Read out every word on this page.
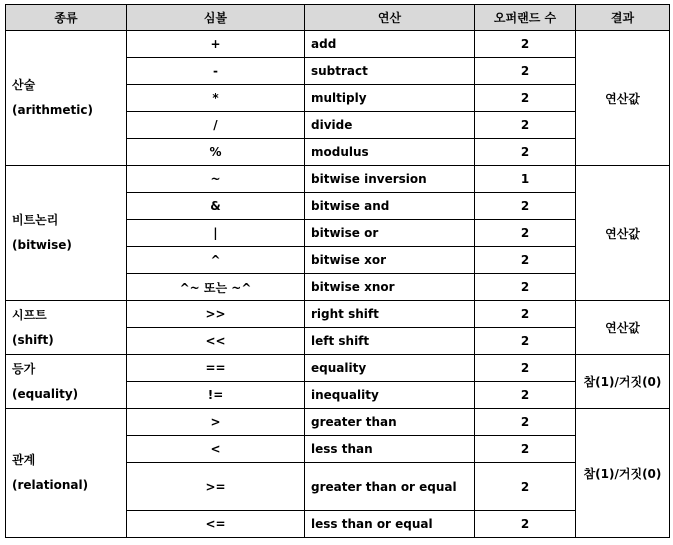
종류	심볼	연산	오퍼랜드 수	결과

산술
(arithmetic)	+	add	2	연산값
	-	subtract	2	
	*	multiply	2	
	/	divide	2	
	%	modulus	2	

비트논리
(bitwise)	~	bitwise inversion	1	연산값
	&	bitwise and	2	
	|	bitwise or	2	
	^	bitwise xor	2	
	^~ 또는 ~^	bitwise xnor	2	

시프트
(shift)	>>	right shift	2	연산값
	<<	left shift	2	

등가
(equality)	==	equality	2	참(1)/거짓(0)
	!=	inequality	2	

관계
(relational)	>	greater than	2	참(1)/거짓(0)
	<	less than	2	
	>=	greater than or equal	2	
	<=	less than or equal	2	
